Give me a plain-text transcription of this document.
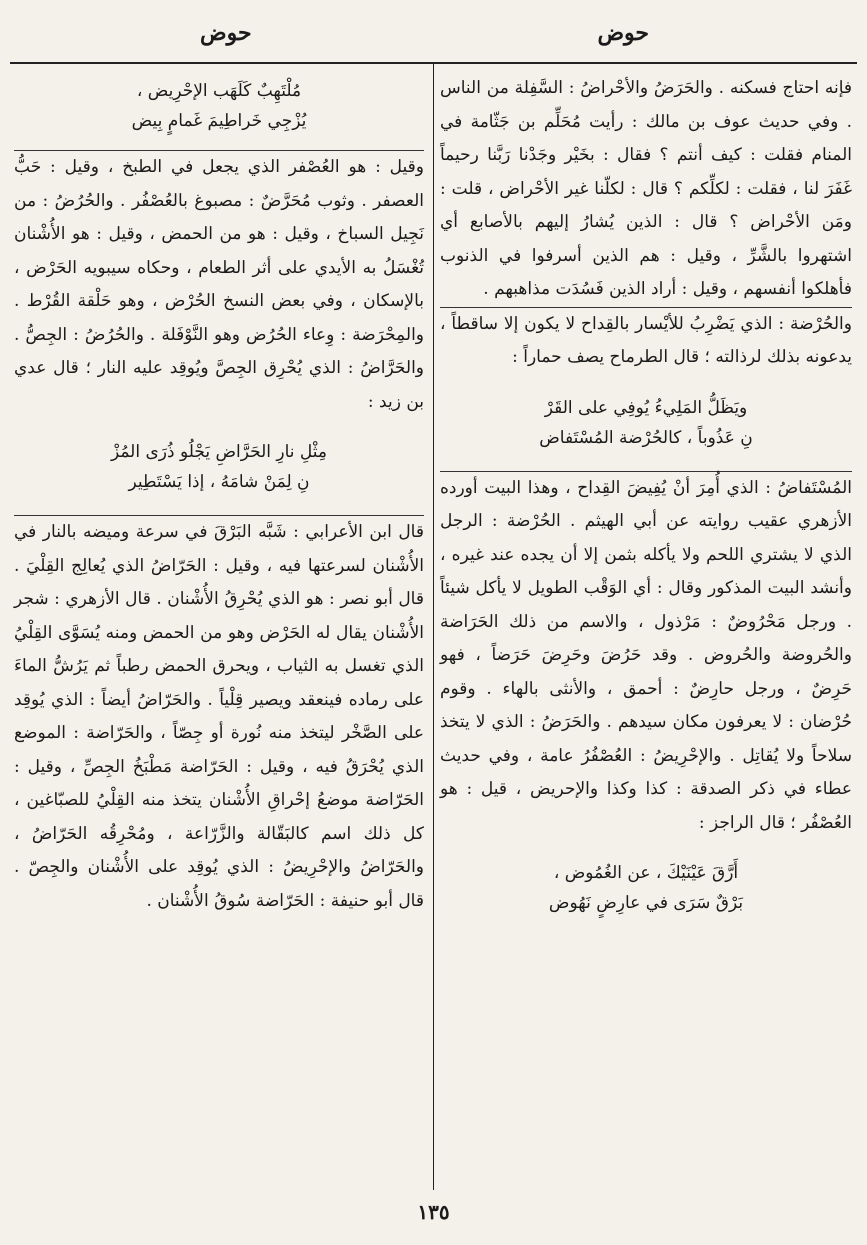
حوض
حوض

فإنه احتاج فسكنه . والحَرَضُ والأحْراضُ : السَّفِلة من الناس . وفي حديث عوف بن مالك : رأيت مُحَلِّم بن جَثّامة في المنام فقلت : كيف أنتم ؟ فقال : بخَيْر وجَدْنا رَبَّنا رحيماً غَفَرَ لنا ، فقلت : لكلِّكم ؟ قال : لكلّنا غير الأحْراض ، قلت : ومَن الأحْراض ؟ قال : الذين يُشارُ إليهم بالأصابع أي اشتهروا بالشَّرِّ ، وقيل : هم الذين أسرفوا في الذنوب فأهلكوا أنفسهم ، وقيل : أراد الذين فَسُدَت مذاهبهم .

والحُرْضة : الذي يَضْرِبُ للأيْسار بالقِداح لا يكون إلا ساقطاً ، يدعونه بذلك لرذالته ؛ قال الطرماح يصف حماراً :

ويَظَلُّ المَلِيءُ يُوفِي على القَرْ
نِ عَذُوباً ، كالحُرْضة المُسْتَفاض

المُسْتَفاضُ : الذي أُمِرَ أنْ يُفِيضَ القِداح ، وهذا البيت أورده الأزهري عقيب روايته عن أبي الهيثم . الحُرْضة : الرجل الذي لا يشتري اللحم ولا يأكله بثمن إلا أن يجده عند غيره ، وأنشد البيت المذكور وقال : أي الوَقْب الطويل لا يأكل شيئاً . ورجل مَحْرُوضٌ : مَرْذول ، والاسم من ذلك الحَرَاضة والحُروضة والحُروض . وقد حَرُضَ وحَرِضَ حَرَضاً ، فهو حَرِضٌ ، ورجل حارِضٌ : أحمق ، والأنثى بالهاء . وقوم حُرْضان : لا يعرفون مكان سيدهم . والحَرَضُ : الذي لا يتخذ سلاحاً ولا يُقاتِل . والإحْرِيضُ : العُصْفُرُ عامة ، وفي حديث عطاء في ذكر الصدقة : كذا وكذا والإحريض ، قيل : هو العُصْفُر ؛ قال الراجز :

أَرَّقَ عَيْنَيْكَ ، عن الغُمُوض ،
بَرْقٌ سَرَى في عارِضٍ نَهُوض
مُلْتَهِبٌ كَلَهَب الإحْرِيض ،
يُزْجِي خَراطِيمَ غَمامٍ بِيض

وقيل : هو العُصْفر الذي يجعل في الطبخ ، وقيل : حَبُّ العصفر . وثوب مُحَرَّضٌ : مصبوغ بالعُصْفُر . والحُرُضُ : من نَجِيل السباخ ، وقيل : هو من الحمض ، وقيل : هو الأُشْنان تُغْسَلُ به الأيدي على أثر الطعام ، وحكاه سيبويه الحَرْض ، بالإسكان ، وفي بعض النسخ الحُرْض ، وهو حَلْقة القُرْط . والمِحْرَضة : وِعاء الحُرُض وهو النَّوْفَلة . والحُرُضُ : الجِصُّ . والحَرَّاضُ : الذي يُحْرِق الجِصَّ ويُوقِد عليه النار ؛ قال عدي بن زيد :

مِثْلِ نارِ الحَرَّاضِ يَجْلُو ذُرَى المُزْ
نِ لِمَنْ شامَهُ ، إذا يَسْتَطِير

قال ابن الأعرابي : شَبَّه البَرْقَ في سرعة وميضه بالنار في الأُشْنان لسرعتها فيه ، وقيل : الحَرّاضُ الذي يُعالِج القِلْيَ . قال أبو نصر : هو الذي يُحْرِقُ الأُشْنان . قال الأزهري : شجر الأُشْنان يقال له الحَرْض وهو من الحمض ومنه يُسَوَّى القِلْيُ الذي تغسل به الثياب ، ويحرق الحمض رطباً ثم يَرُشُّ الماءَ على رماده فينعقد ويصير قِلْياً . والحَرّاضُ أيضاً : الذي يُوقِد على الصَّخْر ليتخذ منه نُورة أو جِصّاً ، والحَرّاضة : الموضع الذي يُحْرَقُ فيه ، وقيل : الحَرّاضة مَطْبَخُ الجِصِّ ، وقيل : الحَرّاضة موضعُ إحْراقِ الأُشْنان يتخذ منه القِلْيُ للصبّاغين ، كل ذلك اسم كالبَقّالة والزَّرّاعة ، ومُحْرِقُه الحَرّاضُ ، والحَرّاضُ والإحْرِيضُ : الذي يُوقِد على الأُشْنان والجِصّ . قال أبو حنيفة : الحَرّاضة سُوقُ الأُشْنان .

١٣٥
